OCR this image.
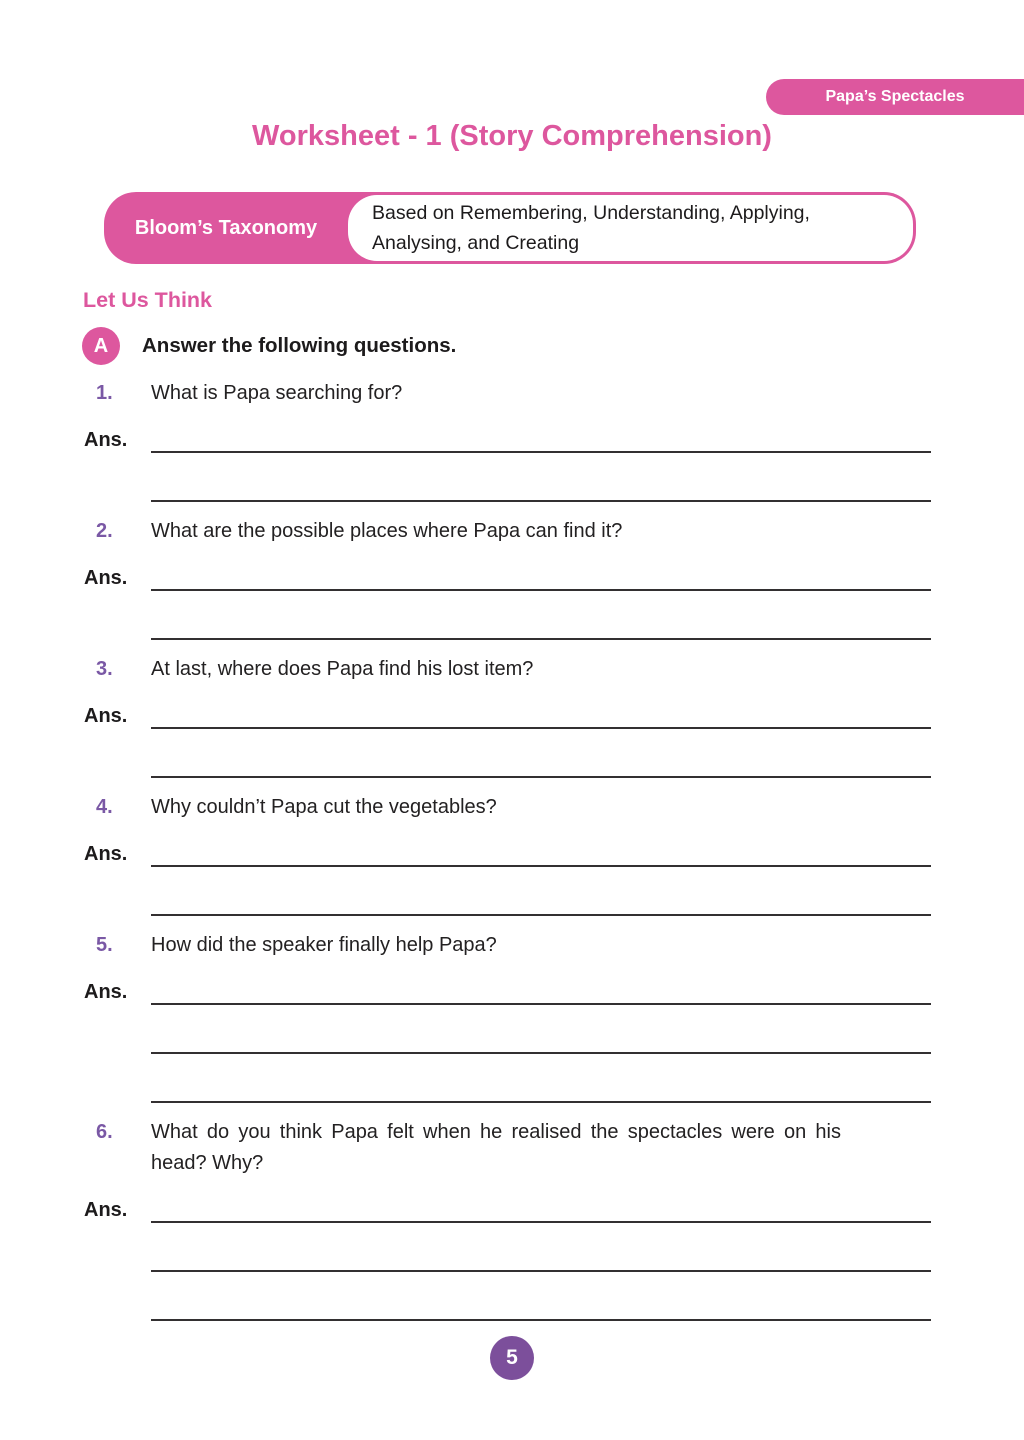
Papa’s Spectacles
Worksheet - 1 (Story Comprehension)
Bloom’s Taxonomy
Based on Remembering, Understanding, Applying, Analysing, and Creating
Let Us Think
A	Answer the following questions.
1.	What is Papa searching for?
Ans.
2.	What are the possible places where Papa can find it?
Ans.
3.	At last, where does Papa find his lost item?
Ans.
4.	Why couldn’t Papa cut the vegetables?
Ans.
5.	How did the speaker finally help Papa?
Ans.
6.	What do you think Papa felt when he realised the spectacles were on his head? Why?
Ans.
5
